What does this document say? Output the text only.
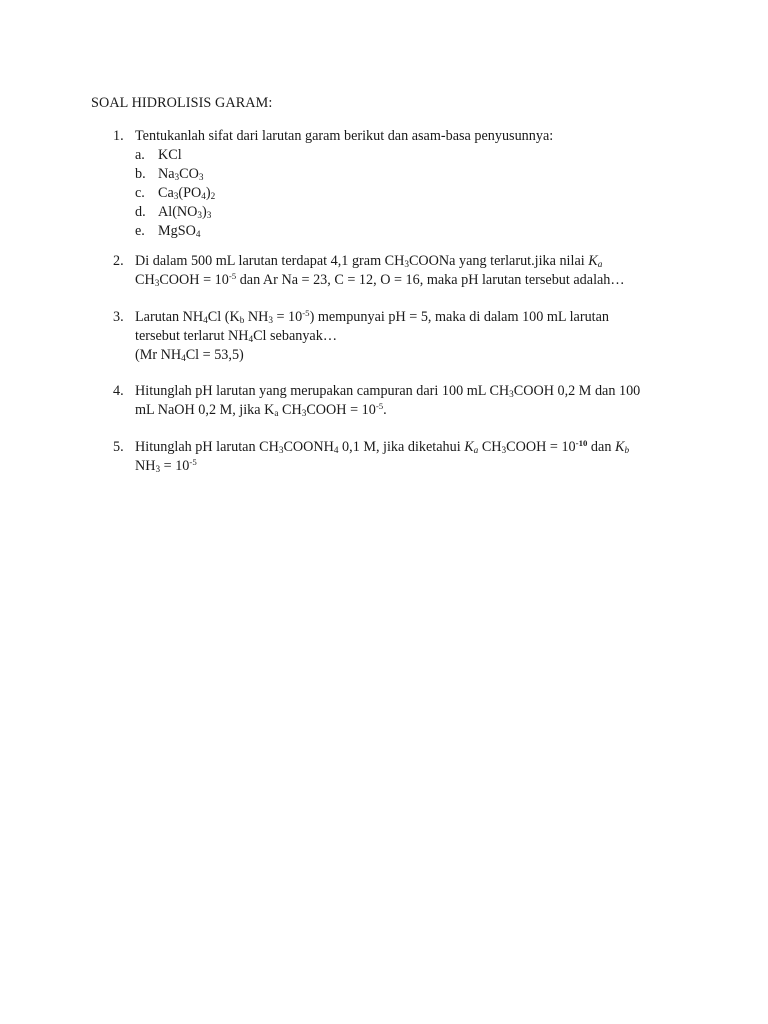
SOAL HIDROLISIS GARAM:
1. Tentukanlah sifat dari larutan garam berikut dan asam-basa penyusunnya:
a. KCl
b. $Na_3CO_3$
c. $Ca_3(PO_4)_2$
d. $Al(NO_3)_3$
e. MgSO$_4$
2. Di dalam 500 mL larutan terdapat 4,1 gram $CH_3COONa$ yang terlarut.jika nilai $K_a$
$CH_3COOH = 10^{-5}$ dan Ar Na = 23, C = 12, O = 16, maka pH larutan tersebut adalah…
3. Larutan $NH_4Cl$ ($K_b$ $NH_3 = 10^{-5}$) mempunyai pH = 5, maka di dalam 100 mL larutan
tersebut terlarut $NH_4Cl$ sebanyak…
(Mr $NH_4Cl = 53,5$)
4. Hitunglah pH larutan yang merupakan campuran dari 100 mL $CH_3COOH$ 0,2 M dan 100
mL NaOH 0,2 M, jika $K_a$ $CH_3COOH = 10^{-5}$.
5. Hitunglah pH larutan $CH_3COONH_4$ 0,1 M, jika diketahui $K_a$ $CH_3COOH = 10^{-10}$ dan $K_b$
$NH_3 = 10^{-5}$
